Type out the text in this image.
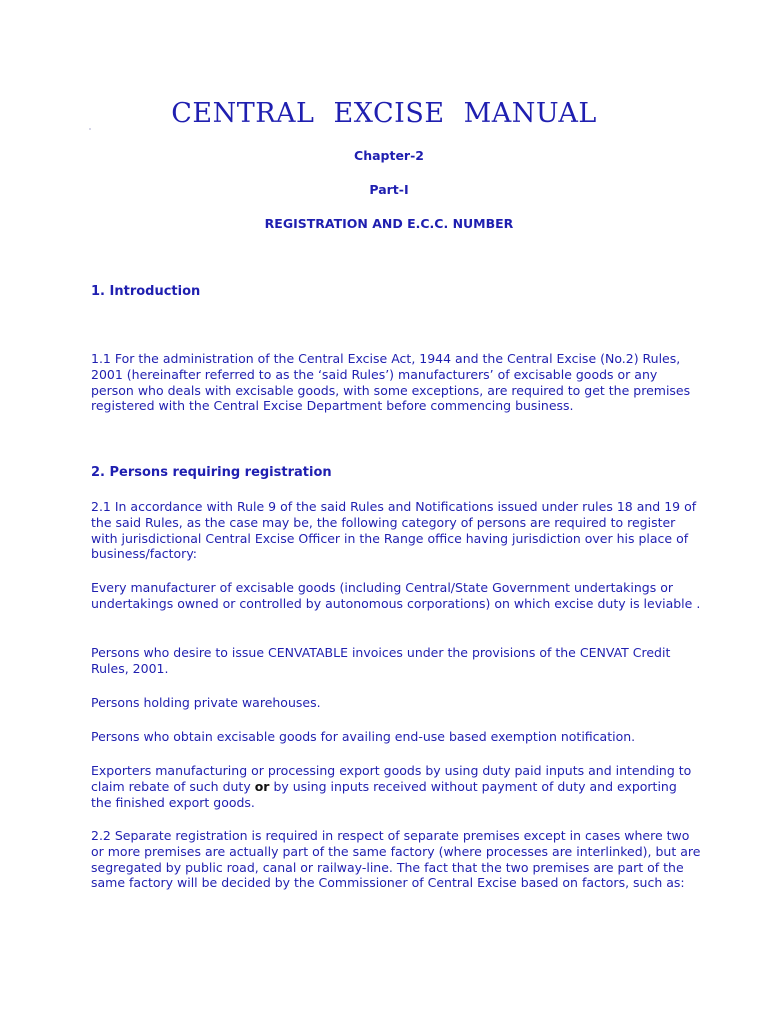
CENTRAL EXCISE MANUAL
Chapter-2
Part-I
REGISTRATION AND E.C.C. NUMBER
1. Introduction
1.1 For the administration of the Central Excise Act, 1944 and the Central Excise (No.2) Rules, 2001 (hereinafter referred to as the ‘said Rules’) manufacturers’ of excisable goods or any person who deals with excisable goods, with some exceptions, are required to get the premises registered with the Central Excise Department before commencing business.
2. Persons requiring registration
2.1 In accordance with Rule 9 of the said Rules and Notifications issued under rules 18 and 19 of the said Rules, as the case may be, the following category of persons are required to register with jurisdictional Central Excise Officer in the Range office having jurisdiction over his place of business/factory:
Every manufacturer of excisable goods (including Central/State Government undertakings or undertakings owned or controlled by autonomous corporations) on which excise duty is leviable .
Persons who desire to issue CENVATABLE invoices under the provisions of the CENVAT Credit Rules, 2001.
Persons holding private warehouses.
Persons who obtain excisable goods for availing end-use based exemption notification.
Exporters manufacturing or processing export goods by using duty paid inputs and intending to claim rebate of such duty or by using inputs received without payment of duty and exporting the finished export goods.
2.2 Separate registration is required in respect of separate premises except in cases where two or more premises are actually part of the same factory (where processes are interlinked), but are segregated by public road, canal or railway-line. The fact that the two premises are part of the same factory will be decided by the Commissioner of Central Excise based on factors, such as:
